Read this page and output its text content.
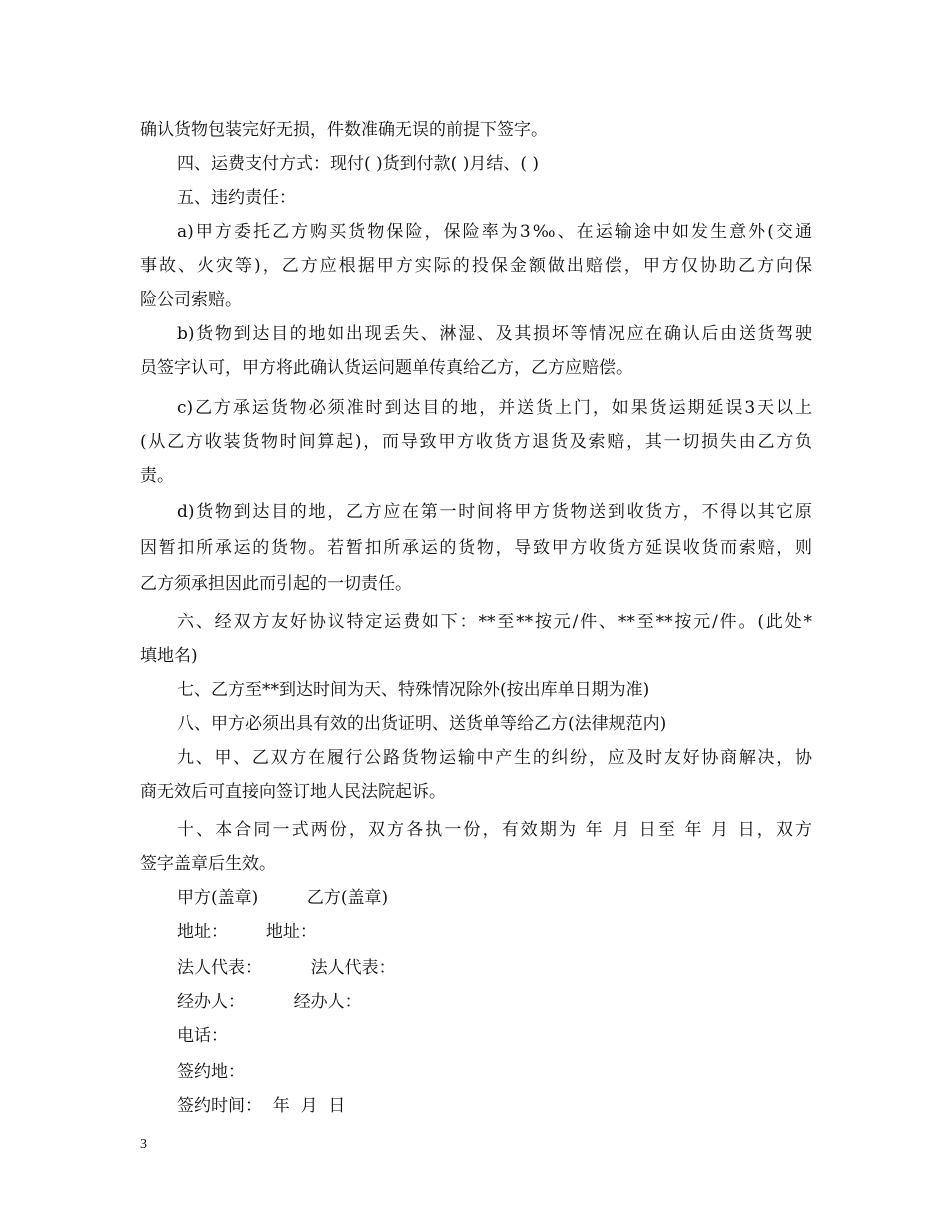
确认货物包装完好无损，件数准确无误的前提下签字。
四、运费支付方式：现付( )货到付款( )月结、( )
五、违约责任：
a)甲方委托乙方购买货物保险，保险率为3‰、在运输途中如发生意外(交通
事故、火灾等)，乙方应根据甲方实际的投保金额做出赔偿，甲方仅协助乙方向保
险公司索赔。
b)货物到达目的地如出现丢失、淋湿、及其损坏等情况应在确认后由送货驾驶
员签字认可，甲方将此确认货运问题单传真给乙方，乙方应赔偿。
c)乙方承运货物必须准时到达目的地，并送货上门，如果货运期延误3天以上
(从乙方收装货物时间算起)，而导致甲方收货方退货及索赔，其一切损失由乙方负
责。
d)货物到达目的地，乙方应在第一时间将甲方货物送到收货方，不得以其它原
因暂扣所承运的货物。若暂扣所承运的货物，导致甲方收货方延误收货而索赔，则
乙方须承担因此而引起的一切责任。
六、经双方友好协议特定运费如下：**至**按元/件、**至**按元/件。(此处*
填地名)
七、乙方至**到达时间为天、特殊情况除外(按出库单日期为准)
八、甲方必须出具有效的出货证明、送货单等给乙方(法律规范内)
九、甲、乙双方在履行公路货物运输中产生的纠纷，应及时友好协商解决，协
商无效后可直接向签订地人民法院起诉。
十、本合同一式两份，双方各执一份，有效期为 年 月 日至 年 月 日，双方
签字盖章后生效。
甲方(盖章)         乙方(盖章)
地址：       地址：
法人代表：         法人代表：
经办人：         经办人：
电话：
签约地：
签约时间：  年  月  日
3
